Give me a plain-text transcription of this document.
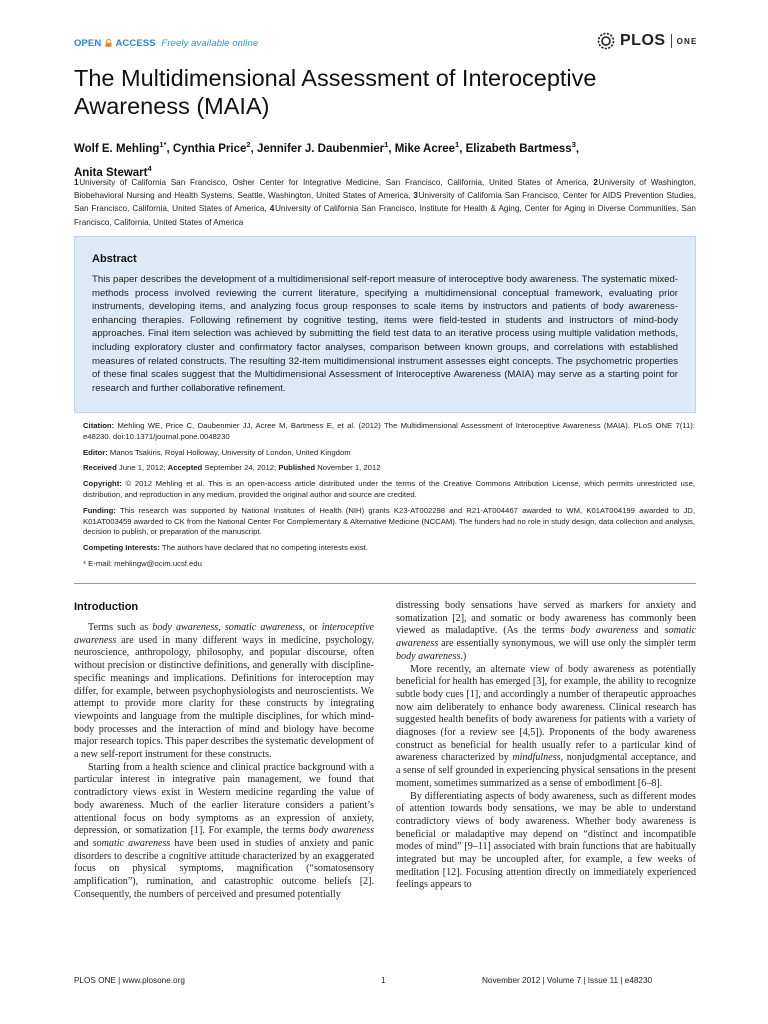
OPEN ACCESS Freely available online	PLOS ONE
The Multidimensional Assessment of Interoceptive Awareness (MAIA)
Wolf E. Mehling$^{1*}$, Cynthia Price$^2$, Jennifer J. Daubenmier$^1$, Mike Acree$^1$, Elizabeth Bartmess$^3$,
Anita Stewart$^4$
1 University of California San Francisco, Osher Center for Integrative Medicine, San Francisco, California, United States of America, 2 University of Washington, Biobehavioral Nursing and Health Systems, Seattle, Washington, United States of America, 3 University of California San Francisco, Center for AIDS Prevention Studies, San Francisco, California, United States of America, 4 University of California San Francisco, Institute for Health & Aging, Center for Aging in Diverse Communities, San Francisco, California, United States of America
Abstract
This paper describes the development of a multidimensional self-report measure of interoceptive body awareness. The systematic mixed-methods process involved reviewing the current literature, specifying a multidimensional conceptual framework, evaluating prior instruments, developing items, and analyzing focus group responses to scale items by instructors and patients of body awareness-enhancing therapies. Following refinement by cognitive testing, items were field-tested in students and instructors of mind-body approaches. Final item selection was achieved by submitting the field test data to an iterative process using multiple validation methods, including exploratory cluster and confirmatory factor analyses, comparison between known groups, and correlations with established measures of related constructs. The resulting 32-item multidimensional instrument assesses eight concepts. The psychometric properties of these final scales suggest that the Multidimensional Assessment of Interoceptive Awareness (MAIA) may serve as a starting point for research and further collaborative refinement.

Citation: Mehling WE, Price C, Daubenmier JJ, Acree M, Bartmess E, et al. (2012) The Multidimensional Assessment of Interoceptive Awareness (MAIA). PLoS ONE 7(11): e48230. doi:10.1371/journal.pone.0048230

Editor: Manos Tsakiris, Royal Holloway, University of London, United Kingdom

Received June 1, 2012; Accepted September 24, 2012; Published November 1, 2012

Copyright: © 2012 Mehling et al. This is an open-access article distributed under the terms of the Creative Commons Attribution License, which permits unrestricted use, distribution, and reproduction in any medium, provided the original author and source are credited.

Funding: This research was supported by National Institutes of Health (NIH) grants K23-AT002298 and R21-AT004467 awarded to WM, K01AT004199 awarded to JD, K01AT003459 awarded to CK from the National Center For Complementary & Alternative Medicine (NCCAM). The funders had no role in study design, data collection and analysis, decision to publish, or preparation of the manuscript.

Competing Interests: The authors have declared that no competing interests exist.

* E-mail: mehlingw@ocim.ucsf.edu

Introduction

Terms such as body awareness, somatic awareness, or interoceptive awareness are used in many different ways in medicine, psychology, neuroscience, anthropology, philosophy, and popular discourse, often without precision or distinctive definitions, and generally with discipline-specific meanings and implications. Definitions for interoception may differ, for example, between psychophysiologists and neuroscientists. We attempt to provide more clarity for these constructs by integrating viewpoints and language from the multiple disciplines, for which mind-body processes and the interaction of mind and biology have become major research topics. This paper describes the systematic development of a new self-report instrument for these constructs.

Starting from a health science and clinical practice background with a particular interest in integrative pain management, we found that contradictory views exist in Western medicine regarding the value of body awareness. Much of the earlier literature considers a patient’s attentional focus on body symptoms as an expression of anxiety, depression, or somatization [1]. For example, the terms body awareness and somatic awareness have been used in studies of anxiety and panic disorders to describe a cognitive attitude characterized by an exaggerated focus on physical symptoms, magnification (“somatosensory amplification”), rumination, and catastrophic outcome beliefs [2]. Consequently, the numbers of perceived and presumed potentially

distressing body sensations have served as markers for anxiety and somatization [2], and somatic or body awareness has commonly been viewed as maladaptive. (As the terms body awareness and somatic awareness are essentially synonymous, we will use only the simpler term body awareness.)

More recently, an alternate view of body awareness as potentially beneficial for health has emerged [3], for example, the ability to recognize subtle body cues [1], and accordingly a number of therapeutic approaches now aim deliberately to enhance body awareness. Clinical research has suggested health benefits of body awareness for patients with a variety of diagnoses (for a review see [4,5]). Proponents of the body awareness construct as beneficial for health usually refer to a particular kind of awareness characterized by mindfulness, nonjudgmental acceptance, and a sense of self grounded in experiencing physical sensations in the present moment, sometimes summarized as a sense of embodiment [6–8].

By differentiating aspects of body awareness, such as different modes of attention towards body sensations, we may be able to understand contradictory views of body awareness. Whether body awareness is beneficial or maladaptive may depend on “distinct and incompatible modes of mind” [9–11] associated with brain functions that are habitually integrated but may be uncoupled after, for example, a few weeks of meditation [12]. Focusing attention directly on immediately experienced feelings appears to

PLOS ONE | www.plosone.org	1	November 2012 | Volume 7 | Issue 11 | e48230
